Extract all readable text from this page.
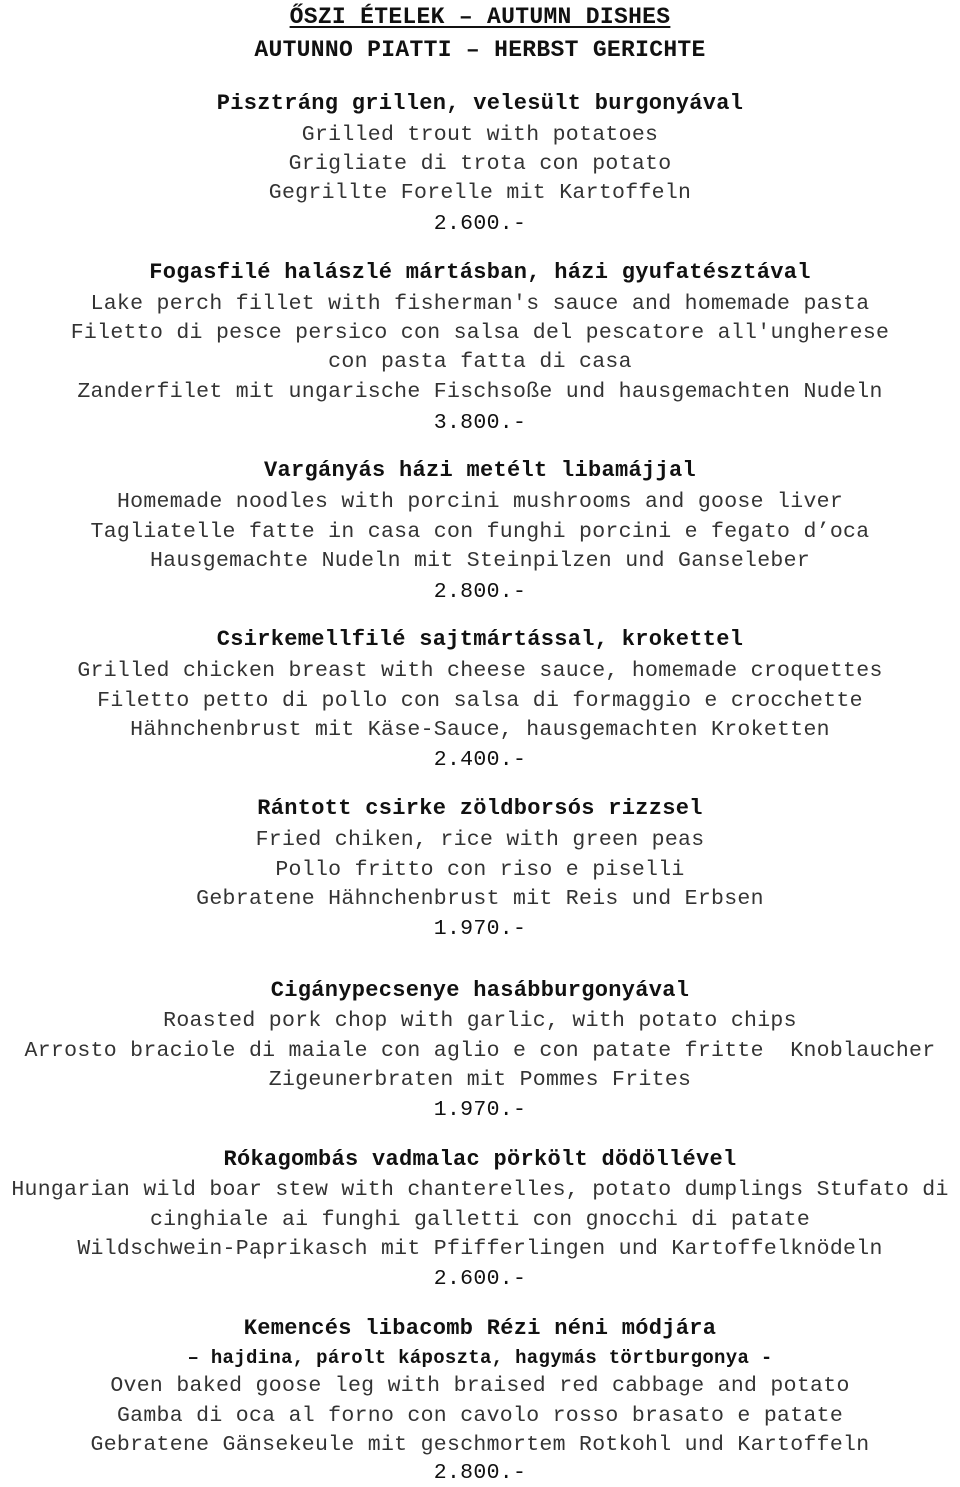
ŐSZI ÉTELEK – AUTUMN DISHES
AUTUNNO PIATTI – HERBST GERICHTE
Pisztráng grillen, velesült burgonyával
Grilled trout with potatoes
Grigliate di trota con potato
Gegrillte Forelle mit Kartoffeln
2.600.-
Fogasfilé halászlé mártásban, házi gyufatésztával
Lake perch fillet with fisherman's sauce and homemade pasta
Filetto di pesce persico con salsa del pescatore all'ungherese
con pasta fatta di casa
Zanderfilet mit ungarische Fischsoße und hausgemachten Nudeln
3.800.-
Vargányás házi metélt libamájjal
Homemade noodles with porcini mushrooms and goose liver
Tagliatelle fatte in casa con funghi porcini e fegato d’oca
Hausgemachte Nudeln mit Steinpilzen und Ganseleber
2.800.-
Csirkemellfilé sajtmártással, krokettel
Grilled chicken breast with cheese sauce, homemade croquettes
Filetto petto di pollo con salsa di formaggio e crocchette
Hähnchenbrust mit Käse-Sauce, hausgemachten Kroketten
2.400.-
Rántott csirke zöldborsós rizzsel
Fried chiken, rice with green peas
Pollo fritto con riso e piselli
Gebratene Hähnchenbrust mit Reis und Erbsen
1.970.-
Cigánypecsenye hasábburgonyával
Roasted pork chop with garlic, with potato chips
Arrosto braciole di maiale con aglio e con patate fritte  Knoblaucher
Zigeunerbraten mit Pommes Frites
1.970.-
Rókagombás vadmalac pörkölt dödöllével
Hungarian wild boar stew with chanterelles, potato dumplings Stufato di
cinghiale ai funghi galletti con gnocchi di patate
Wildschwein-Paprikasch mit Pfifferlingen und Kartoffelknödeln
2.600.-
Kemencés libacomb Rézi néni módjára
– hajdina, párolt káposzta, hagymás törtburgonya -
Oven baked goose leg with braised red cabbage and potato
Gamba di oca al forno con cavolo rosso brasato e patate
Gebratene Gänsekeule mit geschmortem Rotkohl und Kartoffeln
2.800.-
